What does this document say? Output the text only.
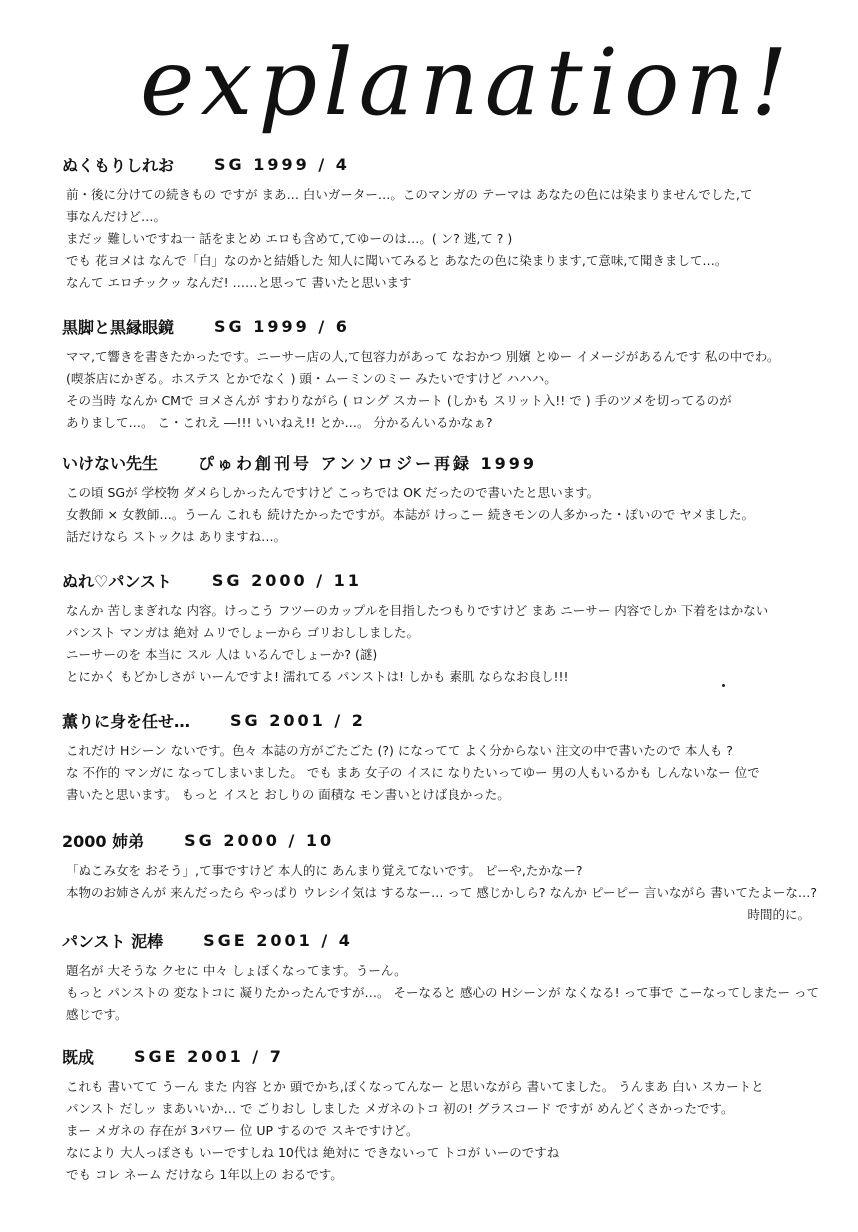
explanation!
ぬくもりしれお	SG 1999 / 4
前・後に分けての続きもの ですが まあ… 白いガーター…。このマンガの テーマは あなたの色には染まりませんでした,て
事なんだけど…。
まだッ 難しいですね一 話をまとめ エロも含めて,てゆーのは…。( ン? 逃,て ? )
でも 花ヨメは なんで「白」なのかと結婚した 知人に聞いてみると あなたの色に染まります,て意味,て聞きまして…。
なんて エロチックッ なんだ! ……と思って 書いたと思います
黒脚と黒縁眼鏡	SG 1999 / 6
ママ,て響きを書きたかったです。ニーサー店の人,て包容力があって なおかつ 別嬪 とゆー イメージがあるんです 私の中でわ。
(喫茶店にかぎる。ホステス とかでなく ) 頭・ムーミンのミー みたいですけど ハハハ。
その当時 なんか CMで ヨメさんが すわりながら ( ロング スカート (しかも スリット入!! で ) 手のツメを切ってるのが
ありまして…。 こ・これえ ―!!! いいねえ!! とか…。 分かるんいるかなぁ?
いけない先生	ぴゅわ創刊号 アンソロジー再録 1999
この頃 SGが 学校物 ダメらしかったんですけど こっちでは OK だったので書いたと思います。
女教師 × 女教師…。うーん これも 続けたかったですが。本誌が けっこー 続きモンの人多かった・ぽいので ヤメました。
話だけなら ストックは ありますね…。
ぬれ♡パンスト	SG 2000 / 11
なんか 苦しまぎれな 内容。けっこう フツーのカップルを目指したつもりですけど まあ ニーサー 内容でしか 下着をはかない
パンスト マンガは 絶対 ムリでしょーから ゴリおししました。
ニーサーのを 本当に スル 人は いるんでしょーか? (謎)
とにかく もどかしさが いーんですよ! 濡れてる パンストは! しかも 素肌 ならなお良し!!!
薫りに身を任せ…	SG 2001 / 2
これだけ Hシーン ないです。色々 本誌の方がごたごた (?) になってて よく分からない 注文の中で書いたので 本人も ?
な 不作的 マンガに なってしまいました。 でも まあ 女子の イスに なりたいってゆー 男の人もいるかも しんないなー 位で
書いたと思います。 もっと イスと おしりの 面積な モン書いとけば良かった。
2000 姉弟	SG 2000 / 10
「ぬこみ女を おそう」,て事ですけど 本人的に あんまり覚えてないです。 ピーや,たかなー?
本物のお姉さんが 来んだったら やっぱり ウレシイ気は するなー… って 感じかしら? なんか ピーピー 言いながら 書いてたよーな…?
時間的に。
パンスト 泥棒	SGE 2001 / 4
題名が 大そうな クセに 中々 しょぼくなってます。うーん。
もっと パンストの 変なトコに 凝りたかったんですが…。 そーなると 感心の Hシーンが なくなる! って事で こーなってしまたー って
感じです。
既成	SGE 2001 / 7
これも 書いてて うーん また 内容 とか 頭でかち,ぽくなってんなー と思いながら 書いてました。 うんまあ 白い スカートと
パンスト だしッ まあいいか… で ごりおし しました メガネのトコ 初の! グラスコード ですが めんどくさかったです。
まー メガネの 存在が 3パワー 位 UP するので スキですけど。
なにより 大人っぽさも いーですしね 10代は 絶対に できないって トコが いーのですね
でも コレ ネーム だけなら 1年以上の おるです。
